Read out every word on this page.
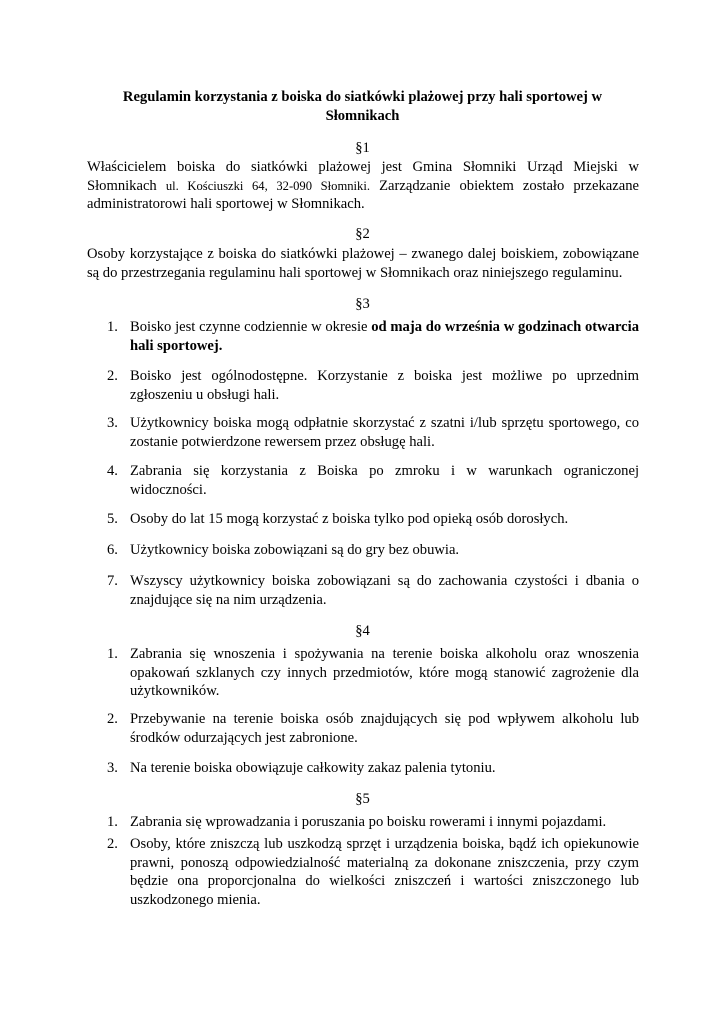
Regulamin korzystania z boiska do siatkówki plażowej przy hali sportowej w Słomnikach
§1
Właścicielem boiska do siatkówki plażowej jest Gmina Słomniki Urząd Miejski w Słomnikach ul. Kościuszki 64, 32-090 Słomniki. Zarządzanie obiektem zostało przekazane administratorowi hali sportowej w Słomnikach.
§2
Osoby korzystające z boiska do siatkówki plażowej – zwanego dalej boiskiem, zobowiązane są do przestrzegania regulaminu hali sportowej w Słomnikach oraz niniejszego regulaminu.
§3
1. Boisko jest czynne codziennie w okresie od maja do września w godzinach otwarcia hali sportowej.
2. Boisko jest ogólnodostępne. Korzystanie z boiska jest możliwe po uprzednim zgłoszeniu u obsługi hali.
3. Użytkownicy boiska mogą odpłatnie skorzystać z szatni i/lub sprzętu sportowego, co zostanie potwierdzone rewersem przez obsługę hali.
4. Zabrania się korzystania z Boiska po zmroku i w warunkach ograniczonej widoczności.
5. Osoby do lat 15 mogą korzystać z boiska tylko pod opieką osób dorosłych.
6. Użytkownicy boiska zobowiązani są do gry bez obuwia.
7. Wszyscy użytkownicy boiska zobowiązani są do zachowania czystości i dbania o znajdujące się na nim urządzenia.
§4
1. Zabrania się wnoszenia i spożywania na terenie boiska alkoholu oraz wnoszenia opakowań szklanych czy innych przedmiotów, które mogą stanowić zagrożenie dla użytkowników.
2. Przebywanie na terenie boiska osób znajdujących się pod wpływem alkoholu lub środków odurzających jest zabronione.
3. Na terenie boiska obowiązuje całkowity zakaz palenia tytoniu.
§5
1. Zabrania się wprowadzania i poruszania po boisku rowerami i innymi pojazdami.
2. Osoby, które zniszczą lub uszkodzą sprzęt i urządzenia boiska, bądź ich opiekunowie prawni, ponoszą odpowiedzialność materialną za dokonane zniszczenia, przy czym będzie ona proporcjonalna do wielkości zniszczeń i wartości zniszczonego lub uszkodzonego mienia.
